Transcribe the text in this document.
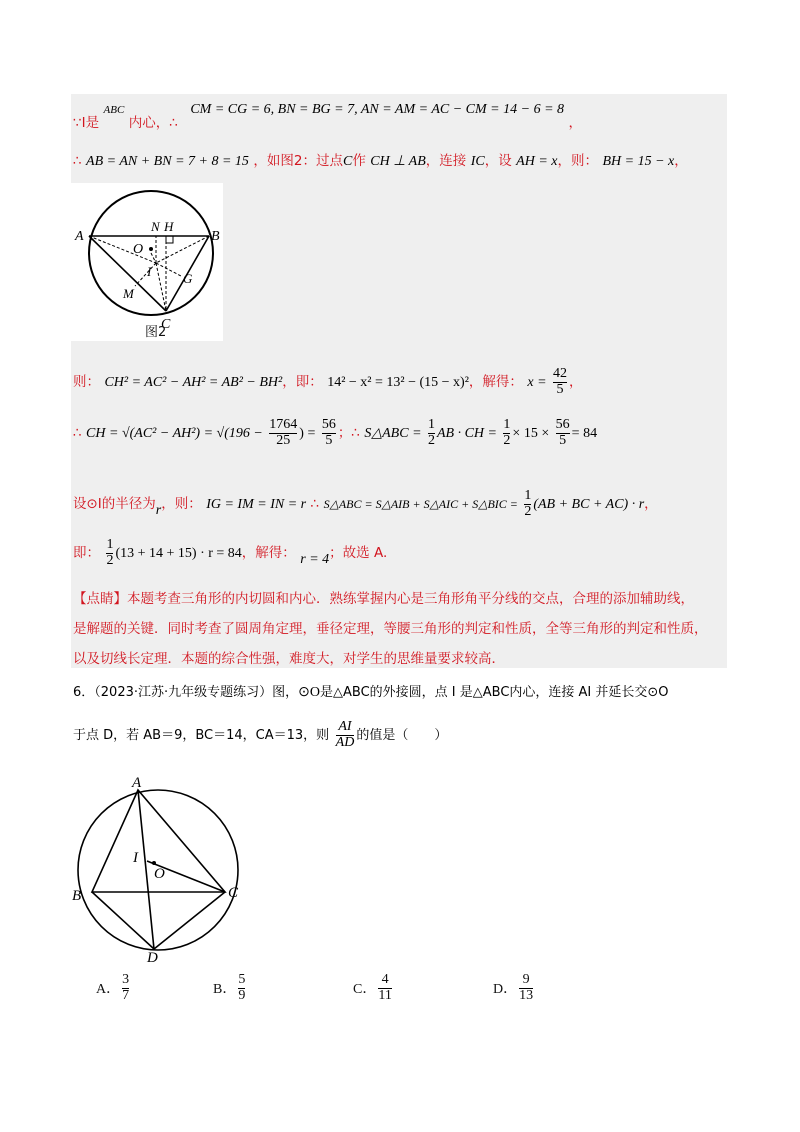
∵I是 $^{ABC}$ 内心，∴ CM = CG = 6, BN = BG = 7, AN = AM = AC − CM = 14 − 6 = 8 ，
∴ AB = AN + BN = 7 + 8 = 15 ，如图2：过点C作 CH ⊥ AB，连接 IC，设 AH = x，则： BH = 15 − x，
A	B
C
O
N H
I
M
G
图2
则： CH² = AC² − AH² = AB² − BH²，即： 14² − x² = 13² − (15 − x)²，解得： $x = \frac{42}{5}$ ，
∴ CH = $√(AC^2 - AH^2) = √(196 - \frac{1764}{25}$ ) = $\frac{56}{5}$ ；∴ S△ABC = $\frac{1}{2}$ AB · CH = $\frac{1}{2} \times 15 \times \frac{56}{5} = 84$
设⊙I的半径为r，则： IG = IM = IN = r ∴ S△ABC = S△AIB + S△AIC + S△BIC = $\frac{1}{2} (AB$ + BC + AC) · r，
即： $\frac{1}{2} (13 + 14 + 15) \cdot r = 84$，解得： r = 4；故选 A.
【点睛】本题考查三角形的内切圆和内心．熟练掌握内心是三角形角平分线的交点，合理的添加辅助线，
是解题的关键．同时考查了圆周角定理，垂径定理，等腰三角形的判定和性质，全等三角形的判定和性质，
以及切线长定理．本题的综合性强，难度大，对学生的思维量要求较高．
6．（2023·江苏·九年级专题练习）图，⊙O是△ABC的外接圆，点 I 是△ABC内心，连接 AI 并延长交⊙O
于点 D，若 AB＝9，BC＝14，CA＝13，则 $\frac{AI}{AD}$ 的值是（　　）
A
B	C
D
I
O
A． $\frac{3}{7}$	B． $\frac{5}{9}$	C． $\frac{4}{11}$	D． $\frac{9}{13}$
